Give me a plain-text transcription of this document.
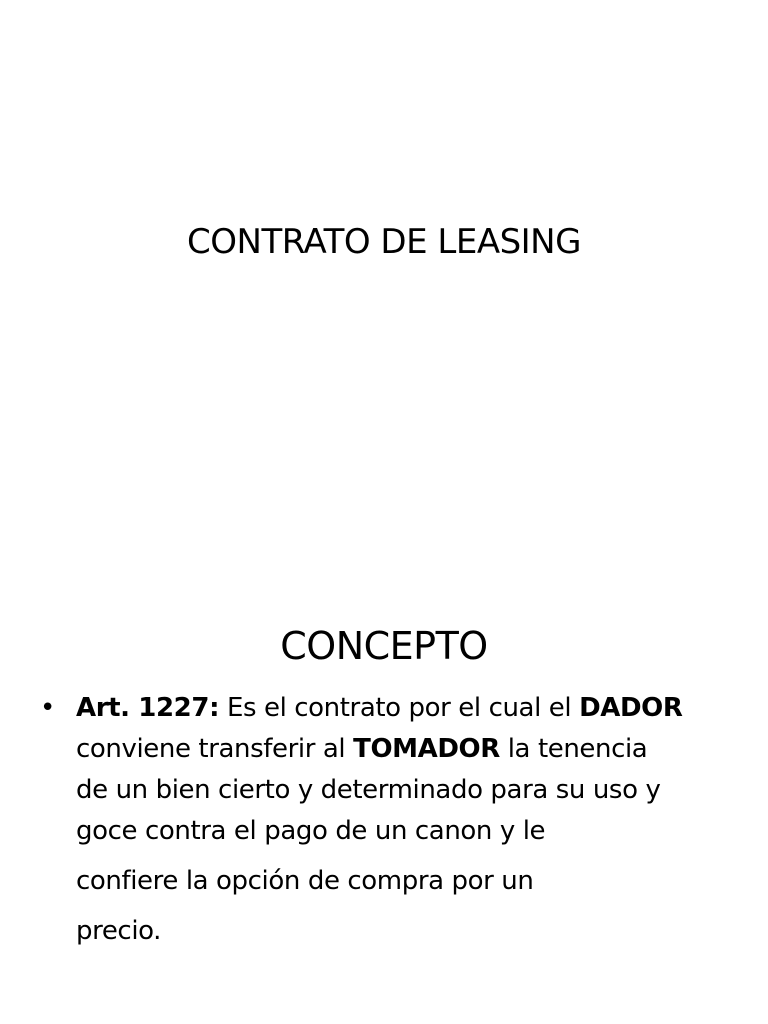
CONTRATO DE LEASING
CONCEPTO
• Art. 1227: Es el contrato por el cual el DADOR
conviene transferir al TOMADOR la tenencia
de un bien cierto y determinado para su uso y
goce contra el pago de un canon y le
confiere la opción de compra por un
precio.
